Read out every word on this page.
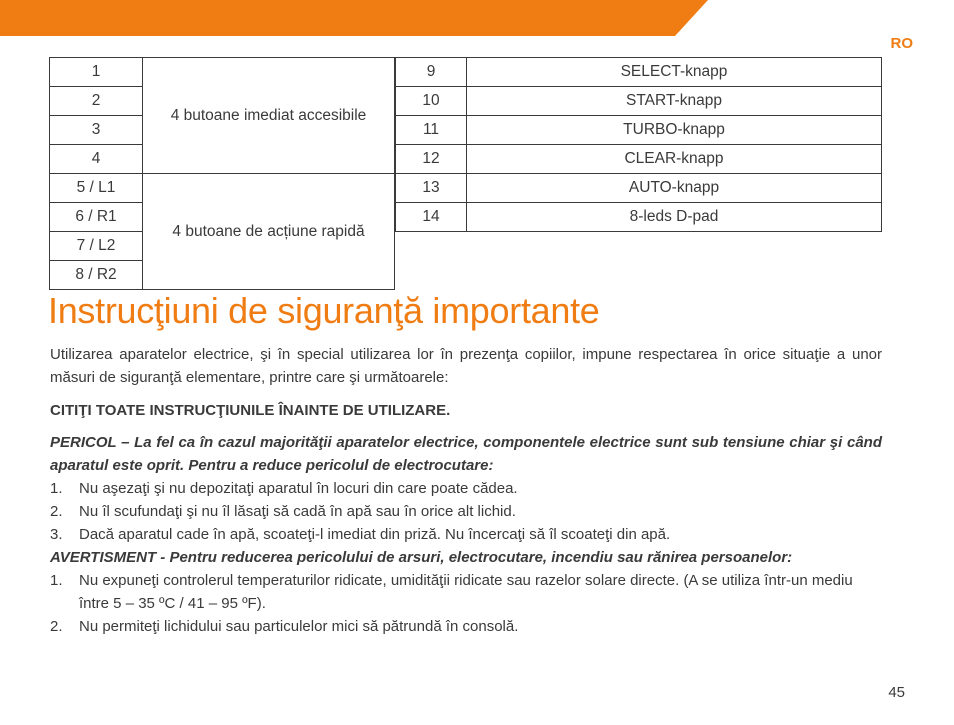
RO
1	4 butoane imediat accesibile
2	
3	
4	
5 / L1	4 butoane de acțiune rapidă
6 / R1	
7 / L2	
8 / R2	
9	SELECT-knapp
10	START-knapp
11	TURBO-knapp
12	CLEAR-knapp
13	AUTO-knapp
14	8-leds D-pad
Instrucţiuni de siguranţă importante

Utilizarea aparatelor electrice, şi în special utilizarea lor în prezenţa copiilor, impune respectarea în orice situaţie a unor măsuri de siguranţă elementare, printre care şi următoarele:

CITIŢI TOATE INSTRUCŢIUNILE ÎNAINTE DE UTILIZARE.

PERICOL – La fel ca în cazul majorităţii aparatelor electrice, componentele electrice sunt sub tensiune chiar şi când aparatul este oprit. Pentru a reduce pericolul de electrocutare:

1.	Nu aşezaţi şi nu depozitaţi aparatul în locuri din care poate cădea.
2.	Nu îl scufundaţi şi nu îl lăsaţi să cadă în apă sau în orice alt lichid.
3.	Dacă aparatul cade în apă, scoateţi-l imediat din priză. Nu încercaţi să îl scoateţi din apă.

AVERTISMENT - Pentru reducerea pericolului de arsuri, electrocutare, incendiu sau rănirea persoanelor:

1.	Nu expuneţi controlerul temperaturilor ridicate, umidităţii ridicate sau razelor solare directe. (A se utiliza într-un mediu între 5 – 35 ºC / 41 – 95 ºF).
2.	Nu permiteţi lichidului sau particulelor mici să pătrundă în consolă.
45
